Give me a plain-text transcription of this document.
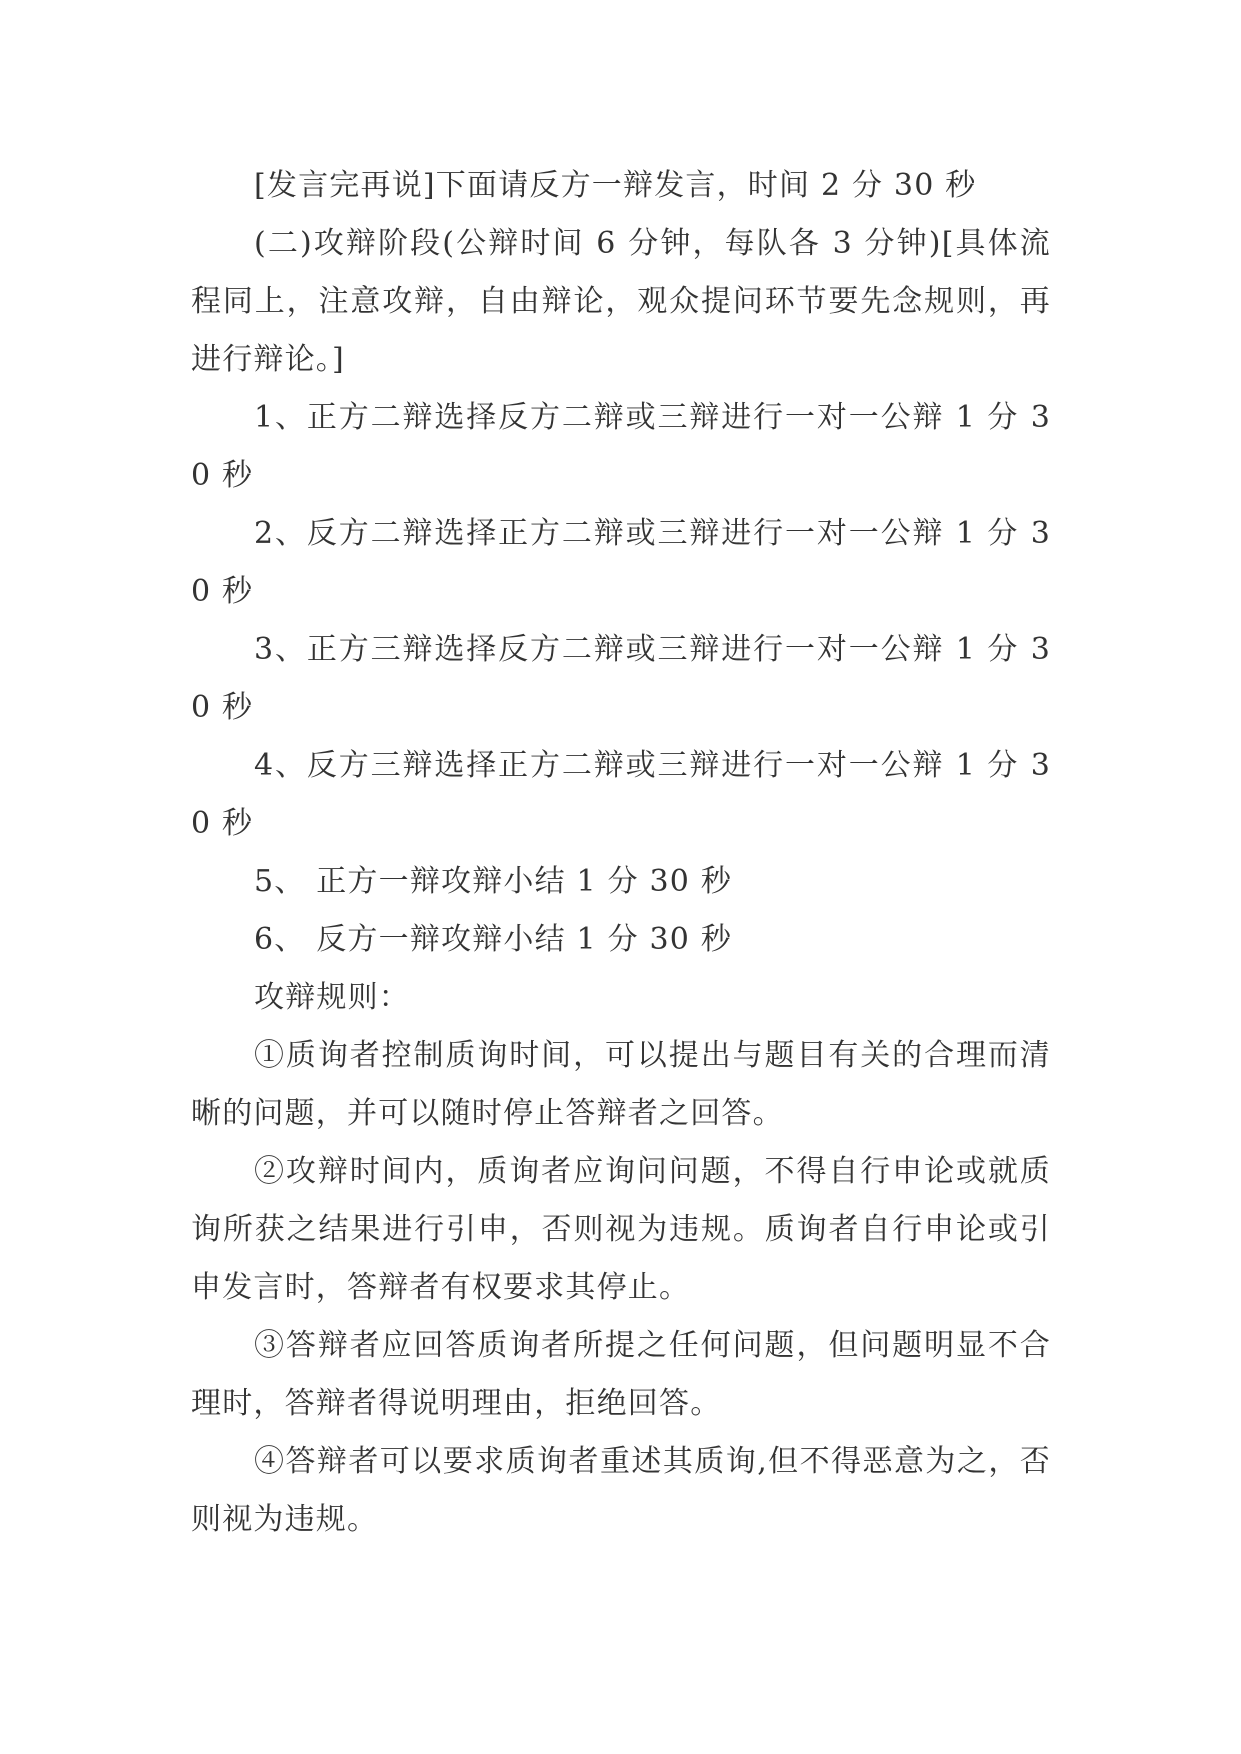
[发言完再说]下面请反方一辩发言，时间 2 分 30 秒

(二)攻辩阶段(公辩时间 6 分钟，每队各 3 分钟)[具体流程同上，注意攻辩，自由辩论，观众提问环节要先念规则，再进行辩论。]

1、正方二辩选择反方二辩或三辩进行一对一公辩 1 分 30 秒

2、反方二辩选择正方二辩或三辩进行一对一公辩 1 分 30 秒

3、正方三辩选择反方二辩或三辩进行一对一公辩 1 分 30 秒

4、反方三辩选择正方二辩或三辩进行一对一公辩 1 分 30 秒

5、 正方一辩攻辩小结 1 分 30 秒

6、 反方一辩攻辩小结 1 分 30 秒

攻辩规则：

①质询者控制质询时间，可以提出与题目有关的合理而清晰的问题，并可以随时停止答辩者之回答。

②攻辩时间内，质询者应询问问题，不得自行申论或就质询所获之结果进行引申，否则视为违规。质询者自行申论或引申发言时，答辩者有权要求其停止。

③答辩者应回答质询者所提之任何问题，但问题明显不合理时，答辩者得说明理由，拒绝回答。

④答辩者可以要求质询者重述其质询,但不得恶意为之，否则视为违规。
